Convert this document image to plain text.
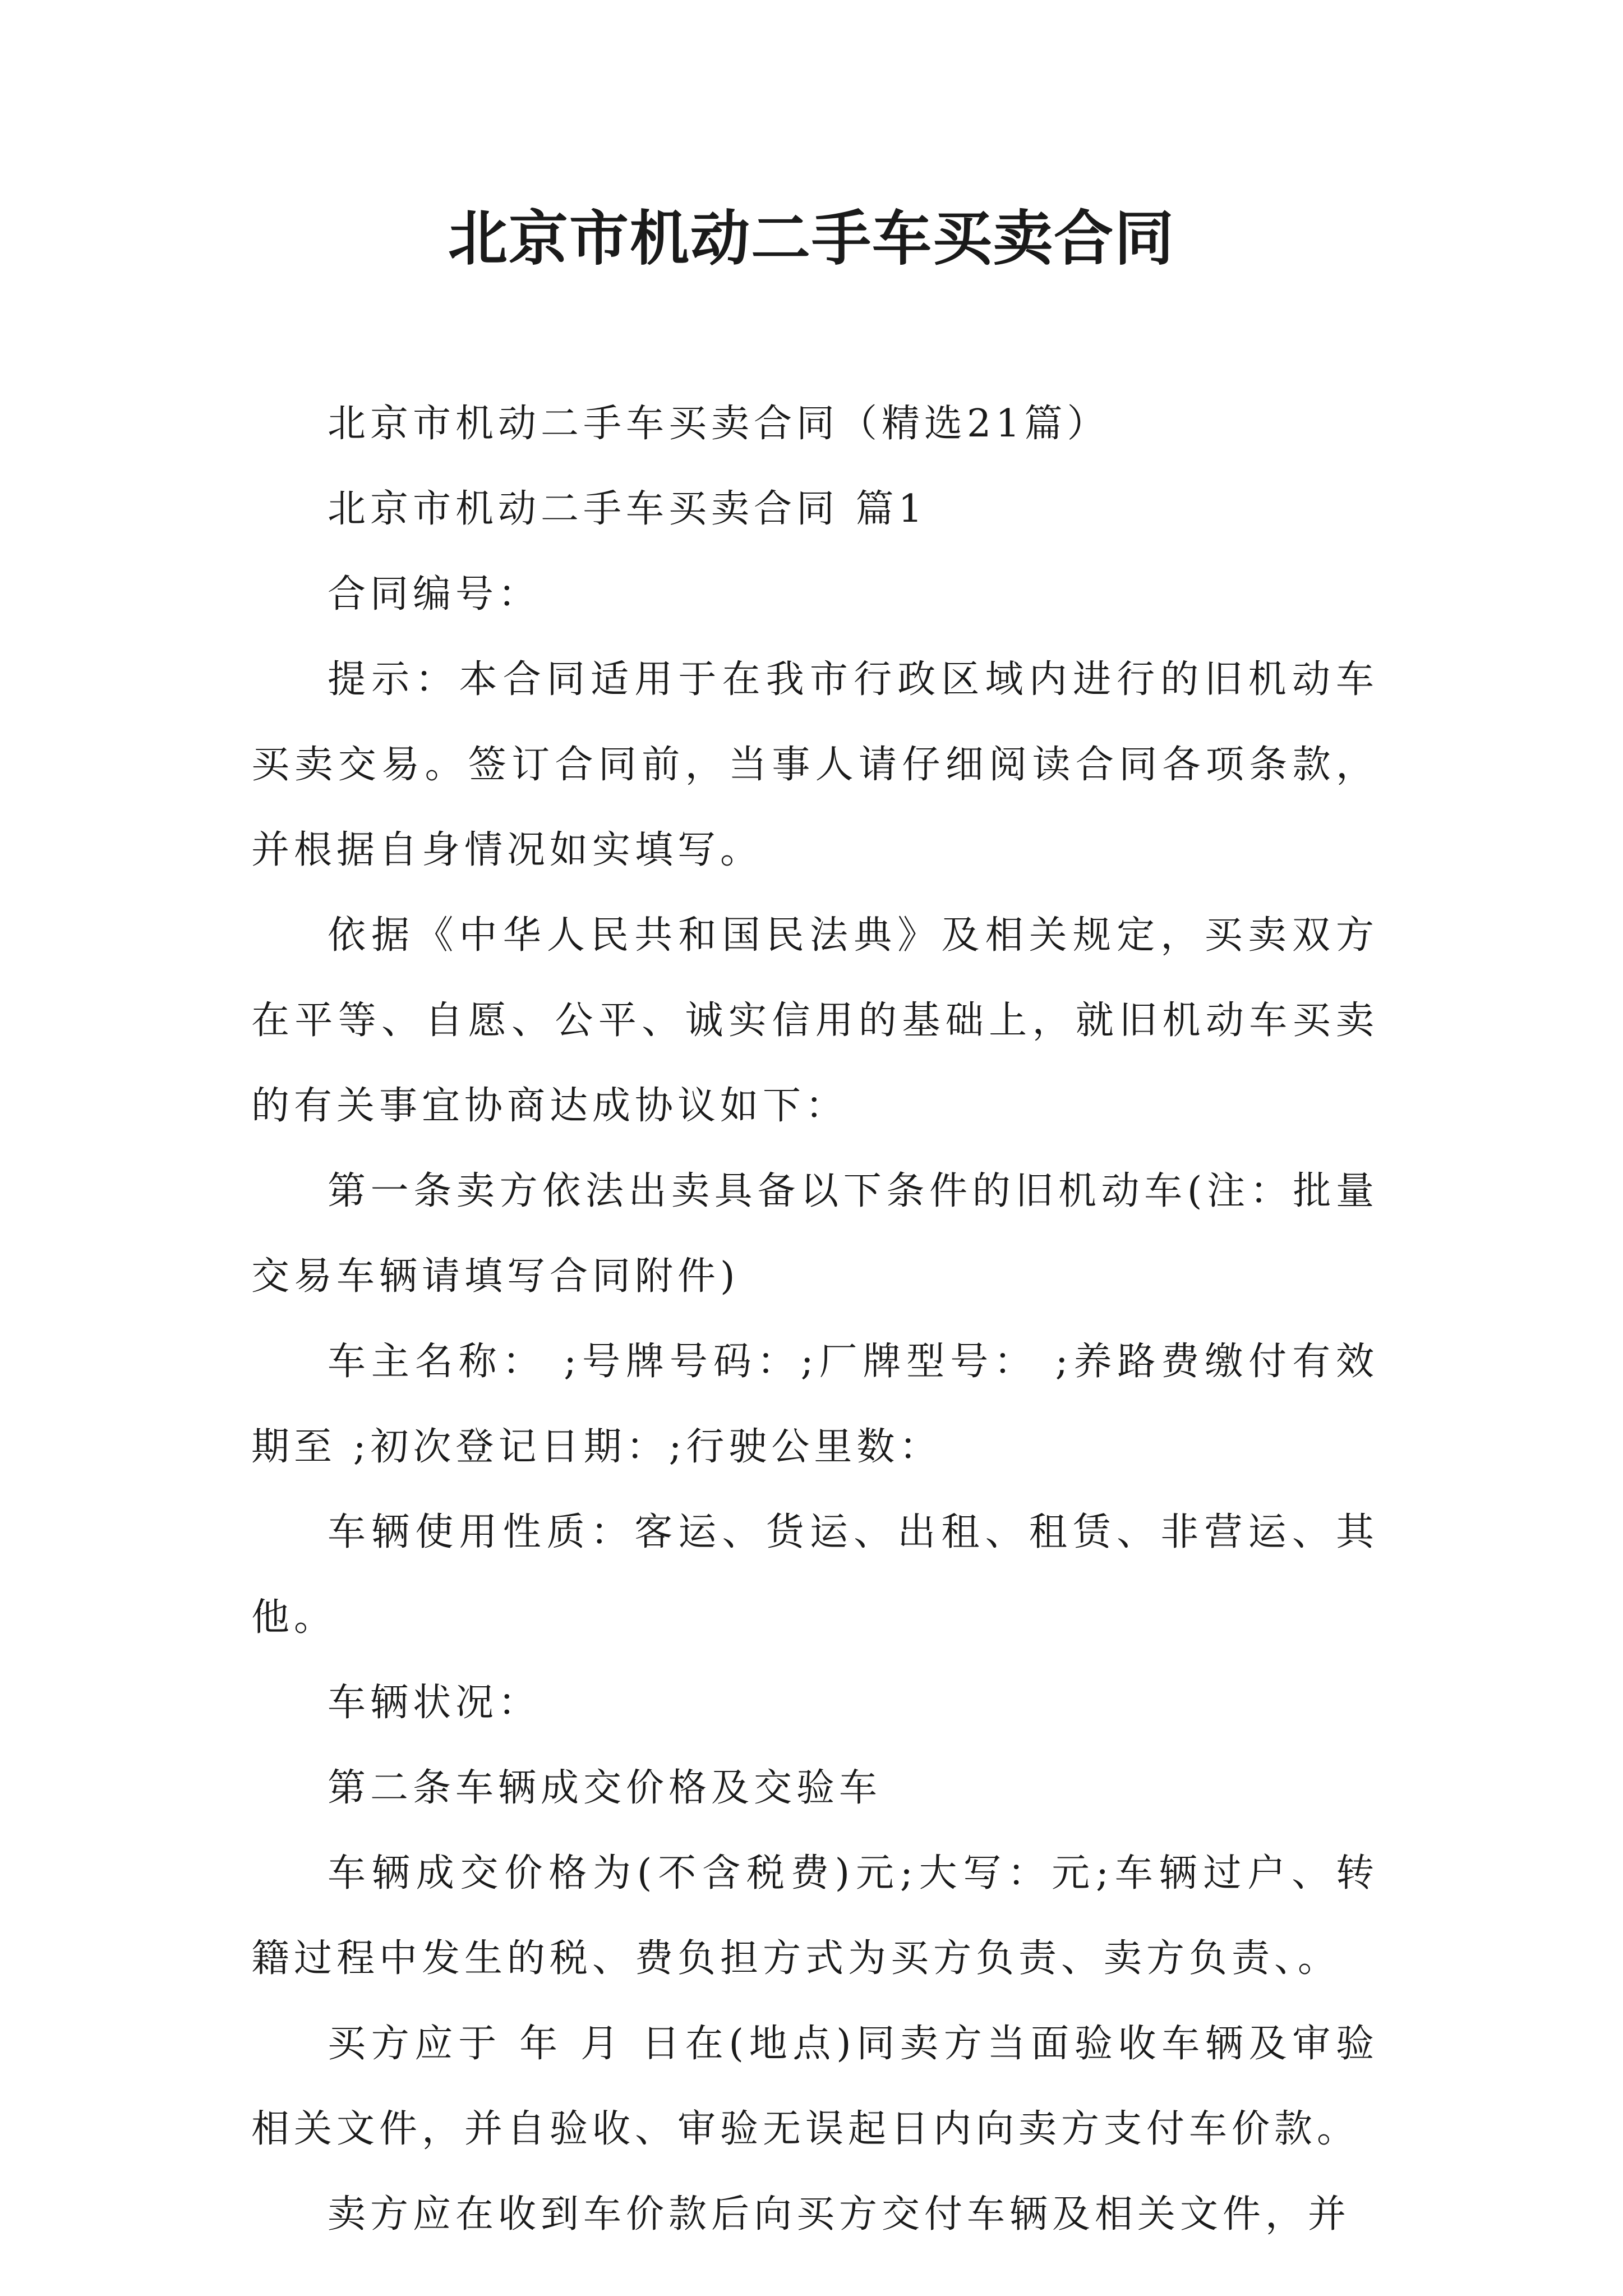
北京市机动二手车买卖合同

北京市机动二手车买卖合同（精选21篇）

北京市机动二手车买卖合同 篇1

合同编号：

提示：本合同适用于在我市行政区域内进行的旧机动车买卖交易。签订合同前，当事人请仔细阅读合同各项条款，并根据自身情况如实填写。

依据《中华人民共和国民法典》及相关规定，买卖双方在平等、自愿、公平、诚实信用的基础上，就旧机动车买卖的有关事宜协商达成协议如下：

第一条卖方依法出卖具备以下条件的旧机动车(注：批量交易车辆请填写合同附件)

车主名称： ;号牌号码：;厂牌型号： ;养路费缴付有效期至 ;初次登记日期：;行驶公里数：

车辆使用性质：客运、货运、出租、租赁、非营运、其他。

车辆状况：

第二条车辆成交价格及交验车

车辆成交价格为(不含税费)元;大写：元;车辆过户、转籍过程中发生的税、费负担方式为买方负责、卖方负责、。

买方应于 年 月 日在(地点)同卖方当面验收车辆及审验相关文件，并自验收、审验无误起日内向卖方支付车价款。

卖方应在收到车价款后向买方交付车辆及相关文件，并
